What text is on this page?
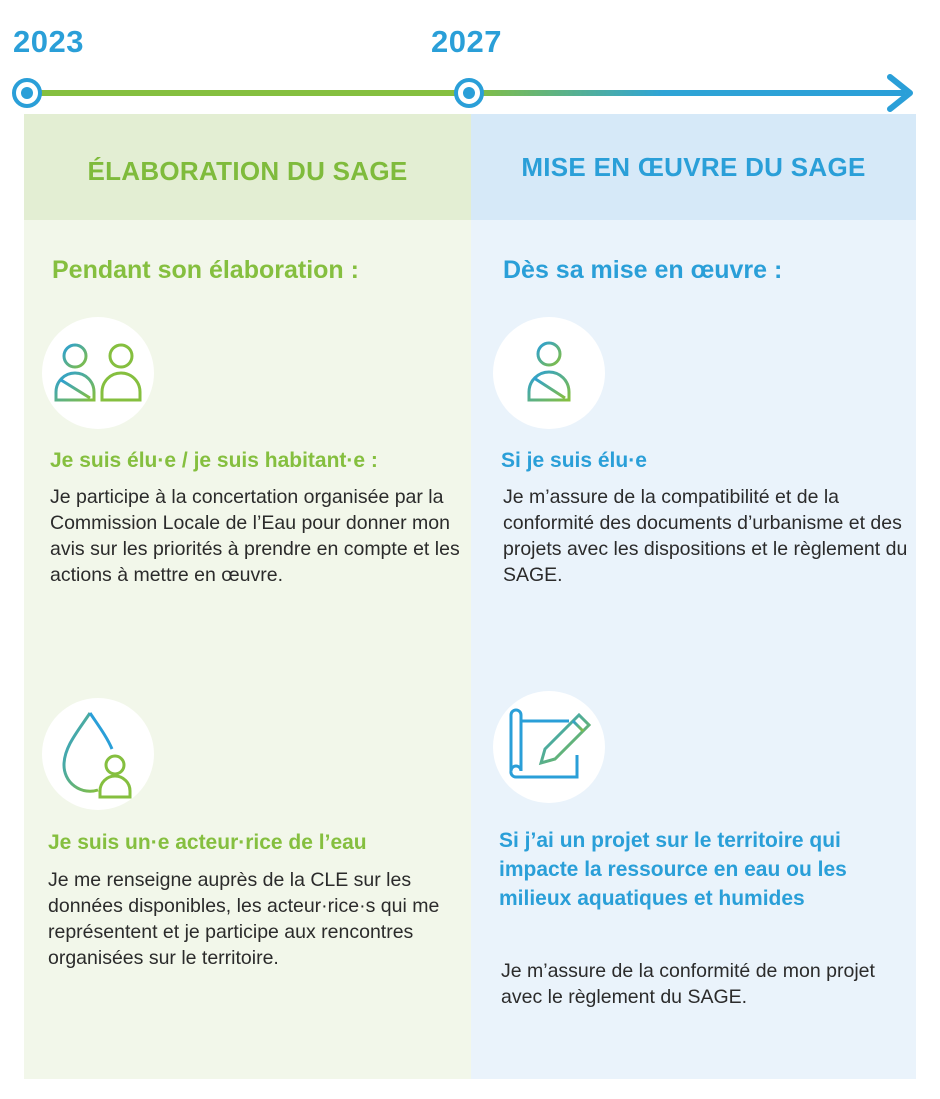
2023	2027
ÉLABORATION DU SAGE
Pendant son élaboration :
Je suis élu·e / je suis habitant·e :
Je participe à la concertation organisée par la Commission Locale de l’Eau pour donner mon avis sur les priorités à prendre en compte et les actions à mettre en œuvre.
Je suis un·e acteur·rice de l’eau
Je me renseigne auprès de la CLE sur les données disponibles, les acteur·rice·s qui me représentent et je participe aux rencontres organisées sur le territoire.
MISE EN ŒUVRE DU SAGE
Dès sa mise en œuvre :
Si je suis élu·e
Je m’assure de la compatibilité et de la conformité des documents d’urbanisme et des projets avec les dispositions et le règlement du SAGE.
Si j’ai un projet sur le territoire qui impacte la ressource en eau ou les milieux aquatiques et humides
Je m’assure de la conformité de mon projet avec le règlement du SAGE.
